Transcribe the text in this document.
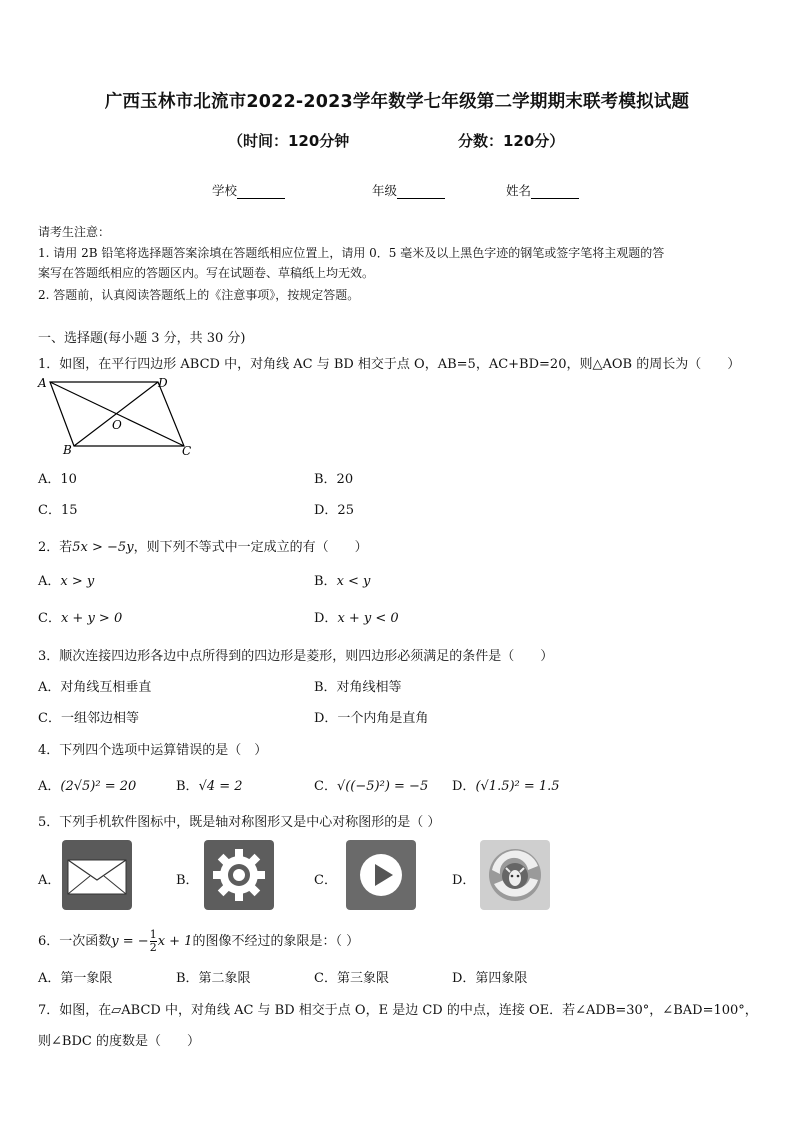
广西玉林市北流市2022-2023学年数学七年级第二学期期末联考模拟试题
（时间：120分钟	分数：120分）
学校	年级	姓名
请考生注意：
1. 请用 2B 铅笔将选择题答案涂填在答题纸相应位置上，请用 0．5 毫米及以上黑色字迹的钢笔或签字笔将主观题的答
案写在答题纸相应的答题区内。写在试题卷、草稿纸上均无效。
2. 答题前，认真阅读答题纸上的《注意事项》，按规定答题。
一、选择题(每小题 3 分，共 30 分)
1．如图，在平行四边形 ABCD 中，对角线 AC 与 BD 相交于点 O，AB=5，AC+BD=20，则△AOB 的周长为（　　）
A	D
O
B	C
A．10	B．20
C．15	D．25
2．若5x > −5y，则下列不等式中一定成立的有（　　）
A．x > y	B．x < y
C．x + y > 0	D．x + y < 0
3．顺次连接四边形各边中点所得到的四边形是菱形，则四边形必须满足的条件是（　　）
A．对角线互相垂直	B．对角线相等
C．一组邻边相等	D．一个内角是直角
4．下列四个选项中运算错误的是（　）
A．(2√5)² = 20	B．√4 = 2	C．√((−5)²) = −5 D．(√1.5)² = 1.5
5．下列手机软件图标中，既是轴对称图形又是中心对称图形的是（ ）
A．	B．	C．	D．
6．一次函数y = − $\frac{1}{2}$ x + 1的图像不经过的象限是：（ ）
A．第一象限	B．第二象限	C．第三象限	D．第四象限
7．如图，在▱ABCD 中，对角线 AC 与 BD 相交于点 O，E 是边 CD 的中点，连接 OE．若∠ADB=30°，∠BAD=100°，
则∠BDC 的度数是（　　）
